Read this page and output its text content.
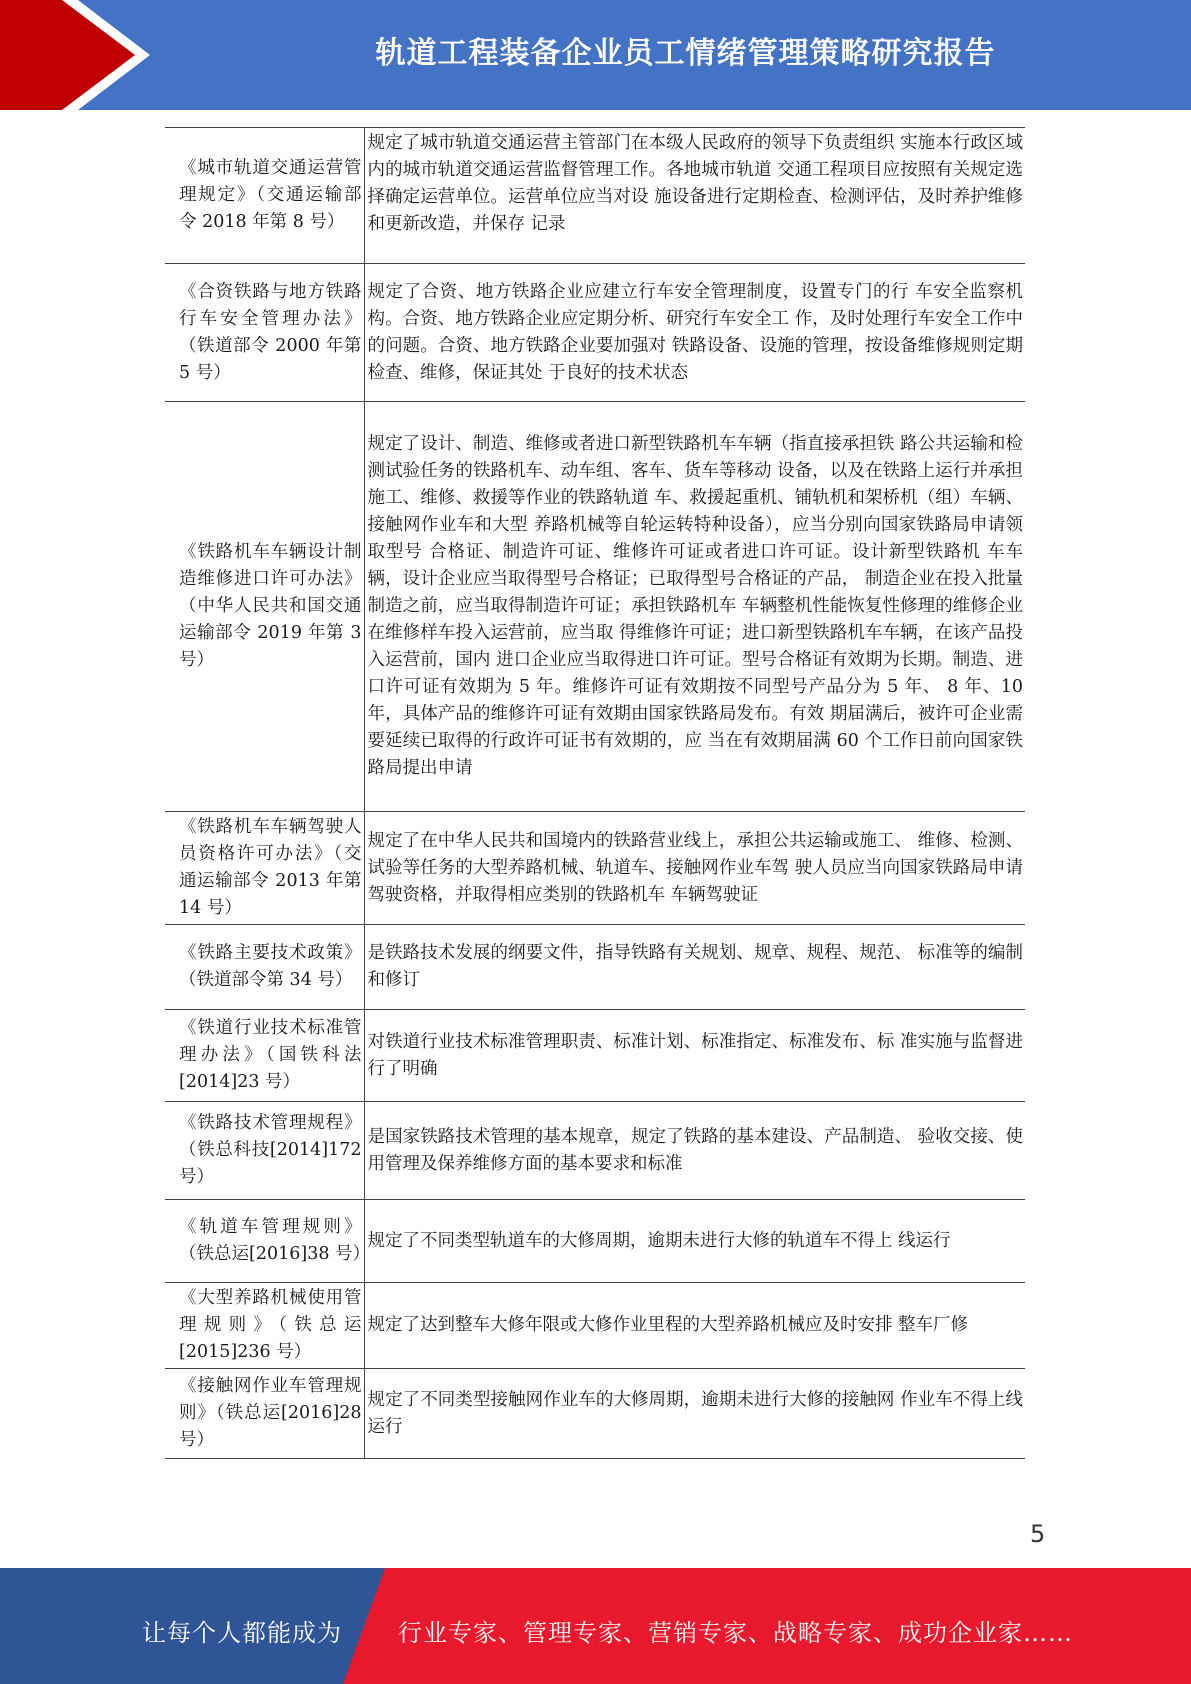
轨道工程装备企业员工情绪管理策略研究报告
《城市轨道交通运营管理规定》（交通运输部令 2018 年第 8 号）	规定了城市轨道交通运营主管部门在本级人民政府的领导下负责组织 实施本行政区域内的城市轨道交通运营监督管理工作。各地城市轨道 交通工程项目应按照有关规定选择确定运营单位。运营单位应当对设 施设备进行定期检查、检测评估，及时养护维修和更新改造，并保存 记录
《合资铁路与地方铁路行车安全管理办法》（铁道部令 2000 年第 5 号）	规定了合资、地方铁路企业应建立行车安全管理制度，设置专门的行 车安全监察机构。合资、地方铁路企业应定期分析、研究行车安全工 作，及时处理行车安全工作中的问题。合资、地方铁路企业要加强对 铁路设备、设施的管理，按设备维修规则定期检查、维修，保证其处 于良好的技术状态
《铁路机车车辆设计制造维修进口许可办法》（中华人民共和国交通运输部令 2019 年第 3 号）	规定了设计、制造、维修或者进口新型铁路机车车辆（指直接承担铁 路公共运输和检测试验任务的铁路机车、动车组、客车、货车等移动 设备，以及在铁路上运行并承担施工、维修、救援等作业的铁路轨道 车、救援起重机、铺轨机和架桥机（组）车辆、接触网作业车和大型 养路机械等自轮运转特种设备），应当分别向国家铁路局申请领取型号 合格证、制造许可证、维修许可证或者进口许可证。设计新型铁路机 车车辆，设计企业应当取得型号合格证；已取得型号合格证的产品， 制造企业在投入批量制造之前，应当取得制造许可证；承担铁路机车 车辆整机性能恢复性修理的维修企业在维修样车投入运营前，应当取 得维修许可证；进口新型铁路机车车辆，在该产品投入运营前，国内 进口企业应当取得进口许可证。型号合格证有效期为长期。制造、进 口许可证有效期为 5 年。维修许可证有效期按不同型号产品分为 5 年、 8 年、10 年，具体产品的维修许可证有效期由国家铁路局发布。有效 期届满后，被许可企业需要延续已取得的行政许可证书有效期的，应 当在有效期届满 60 个工作日前向国家铁路局提出申请
《铁路机车车辆驾驶人员资格许可办法》（交通运输部令 2013 年第 14 号）	规定了在中华人民共和国境内的铁路营业线上，承担公共运输或施工、 维修、检测、试验等任务的大型养路机械、轨道车、接触网作业车驾 驶人员应当向国家铁路局申请驾驶资格，并取得相应类别的铁路机车 车辆驾驶证
《铁路主要技术政策》（铁道部令第 34 号）	是铁路技术发展的纲要文件，指导铁路有关规划、规章、规程、规范、 标准等的编制和修订
《铁道行业技术标准管理办法》（国铁科法[2014]23 号）	对铁道行业技术标准管理职责、标准计划、标准指定、标准发布、标 准实施与监督进行了明确
《铁路技术管理规程》（铁总科技[2014]172 号）	是国家铁路技术管理的基本规章，规定了铁路的基本建设、产品制造、 验收交接、使用管理及保养维修方面的基本要求和标准
《轨道车管理规则》（铁总运[2016]38 号）	规定了不同类型轨道车的大修周期，逾期未进行大修的轨道车不得上 线运行
《大型养路机械使用管理规则》（铁总运[2015]236 号）	规定了达到整车大修年限或大修作业里程的大型养路机械应及时安排 整车厂修
《接触网作业车管理规则》（铁总运[2016]28 号）	规定了不同类型接触网作业车的大修周期，逾期未进行大修的接触网 作业车不得上线运行
5
让每个人都能成为 行业专家、管理专家、营销专家、战略专家、成功企业家……
